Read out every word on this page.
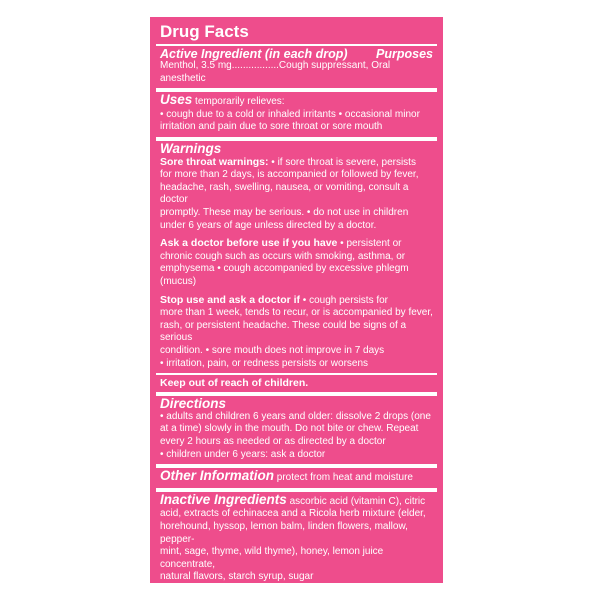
Drug Facts
Active Ingredient (in each drop) Purposes

Menthol, 3.5 mg.................Cough suppressant, Oral anesthetic

Uses temporarily relieves:

• cough due to a cold or inhaled irritants • occasional minor

irritation and pain due to sore throat or sore mouth

Warnings

Sore throat warnings: • if sore throat is severe, persists

for more than 2 days, is accompanied or followed by fever,

headache, rash, swelling, nausea, or vomiting, consult a doctor

promptly. These may be serious. • do not use in children

under 6 years of age unless directed by a doctor.

Ask a doctor before use if you have • persistent or

chronic cough such as occurs with smoking, asthma, or

emphysema • cough accompanied by excessive phlegm (mucus)

Stop use and ask a doctor if • cough persists for

more than 1 week, tends to recur, or is accompanied by fever,

rash, or persistent headache. These could be signs of a serious

condition. • sore mouth does not improve in 7 days

• irritation, pain, or redness persists or worsens

Keep out of reach of children.

Directions

• adults and children 6 years and older: dissolve 2 drops (one

at a time) slowly in the mouth. Do not bite or chew. Repeat

every 2 hours as needed or as directed by a doctor

• children under 6 years: ask a doctor

Other Information protect from heat and moisture

Inactive Ingredients ascorbic acid (vitamin C), citric

acid, extracts of echinacea and a Ricola herb mixture (elder,

horehound, hyssop, lemon balm, linden flowers, mallow, pepper-

mint, sage, thyme, wild thyme), honey, lemon juice concentrate,

natural flavors, starch syrup, sugar
